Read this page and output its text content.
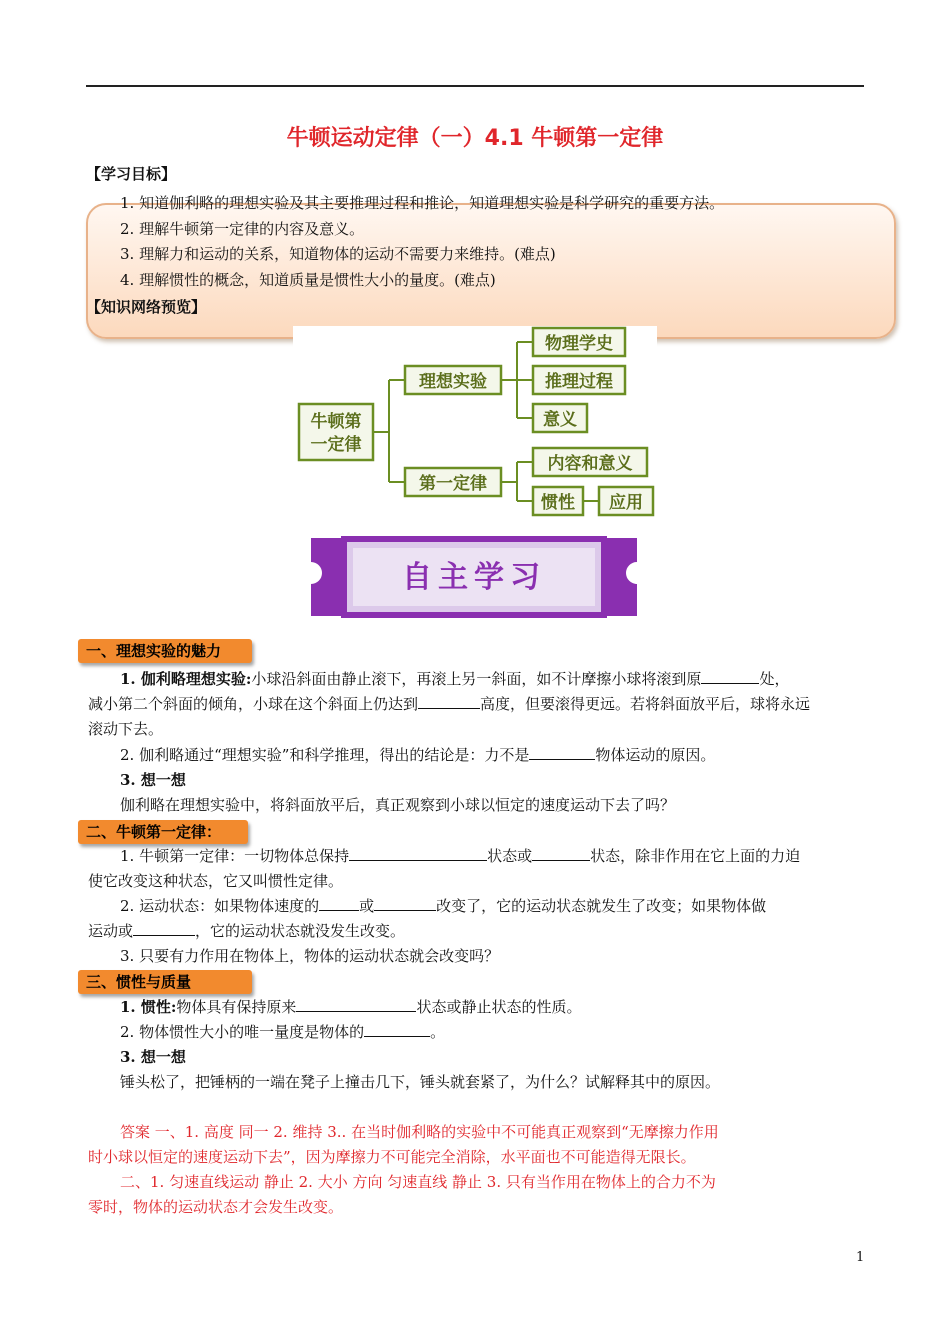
牛顿运动定律（一）4.1 牛顿第一定律
【学习目标】
1. 知道伽利略的理想实验及其主要推理过程和推论，知道理想实验是科学研究的重要方法。
2. 理解牛顿第一定律的内容及意义。
3. 理解力和运动的关系，知道物体的运动不需要力来维持。(难点)
4. 理解惯性的概念，知道质量是惯性大小的量度。(难点)
【知识网络预览】
牛顿第
一定律
理想实验
第一定律
物理学史
推理过程
意义
内容和意义
惯性 应用
自主学习
一、理想实验的魅力
1. 伽利略理想实验:小球沿斜面由静止滚下，再滚上另一斜面，如不计摩擦小球将滚到原	处，
减小第二个斜面的倾角，小球在这个斜面上仍达到	高度，但要滚得更远。若将斜面放平后，球将永远
滚动下去。
2. 伽利略通过“理想实验”和科学推理，得出的结论是：力不是	物体运动的原因。
3. 想一想
伽利略在理想实验中，将斜面放平后，真正观察到小球以恒定的速度运动下去了吗？
二、牛顿第一定律：
1. 牛顿第一定律：一切物体总保持	状态或	状态，除非作用在它上面的力迫
使它改变这种状态，它又叫惯性定律。
2. 运动状态：如果物体速度的	或	改变了，它的运动状态就发生了改变；如果物体做
运动或	，它的运动状态就没发生改变。
3. 只要有力作用在物体上，物体的运动状态就会改变吗？
三、惯性与质量
1. 惯性:物体具有保持原来	状态或静止状态的性质。
2. 物体惯性大小的唯一量度是物体的	。
3. 想一想
锤头松了，把锤柄的一端在凳子上撞击几下，锤头就套紧了，为什么？试解释其中的原因。
答案 一、1. 高度 同一 2. 维持 3.. 在当时伽利略的实验中不可能真正观察到“无摩擦力作用
时小球以恒定的速度运动下去”，因为摩擦力不可能完全消除，水平面也不可能造得无限长。
二、1. 匀速直线运动 静止 2. 大小 方向 匀速直线 静止 3. 只有当作用在物体上的合力不为
零时，物体的运动状态才会发生改变。
1
